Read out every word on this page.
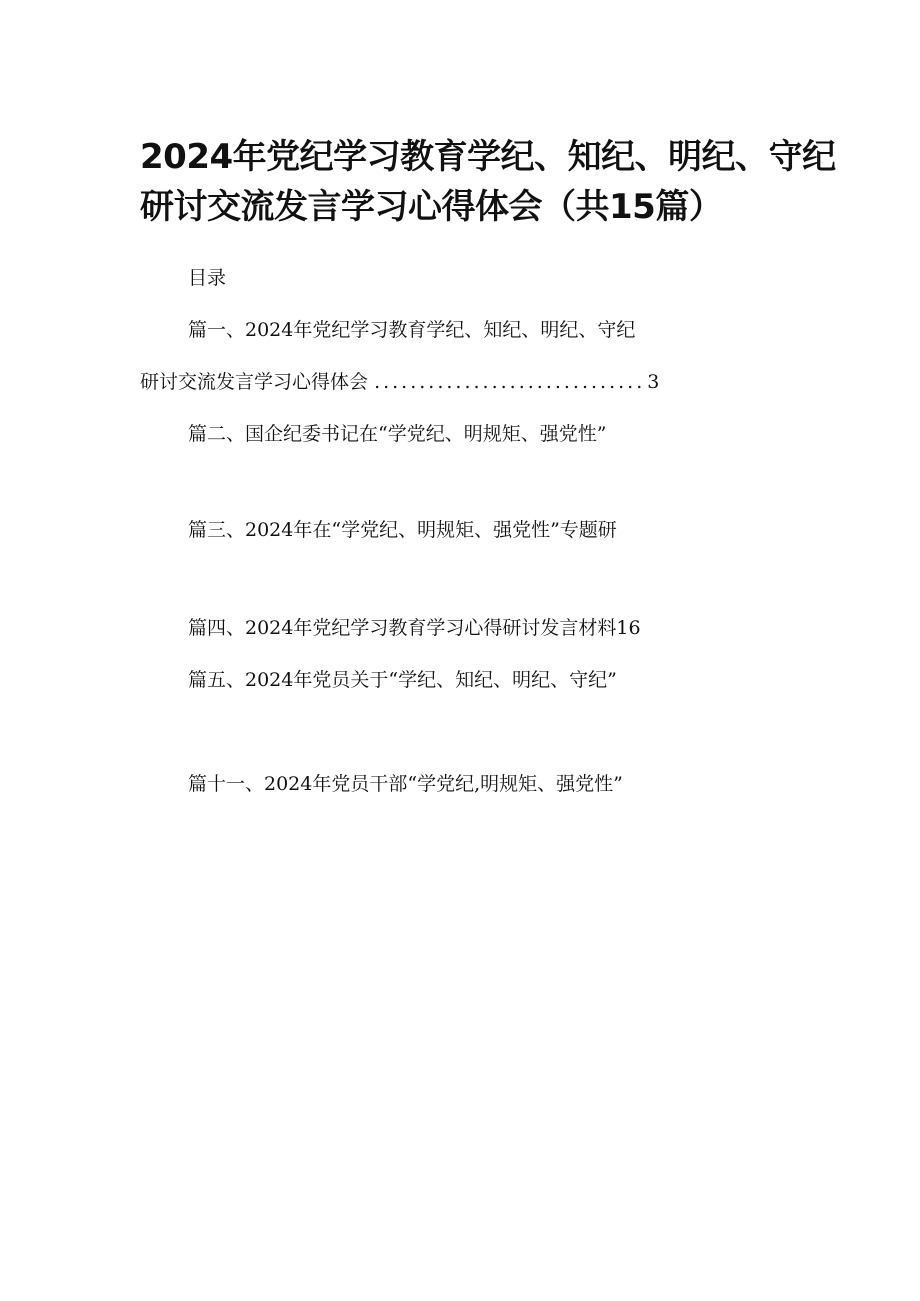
2024年党纪学习教育学纪、知纪、明纪、守纪
研讨交流发言学习心得体会（共15篇）
目录
篇一、2024年党纪学习教育学纪、知纪、明纪、守纪
研讨交流发言学习心得体会 .............................. 3
篇二、国企纪委书记在“学党纪、明规矩、强党性”
篇三、2024年在“学党纪、明规矩、强党性”专题研
篇四、2024年党纪学习教育学习心得研讨发言材料16
篇五、2024年党员关于“学纪、知纪、明纪、守纪”
篇十一、2024年党员干部“学党纪,明规矩、强党性”
